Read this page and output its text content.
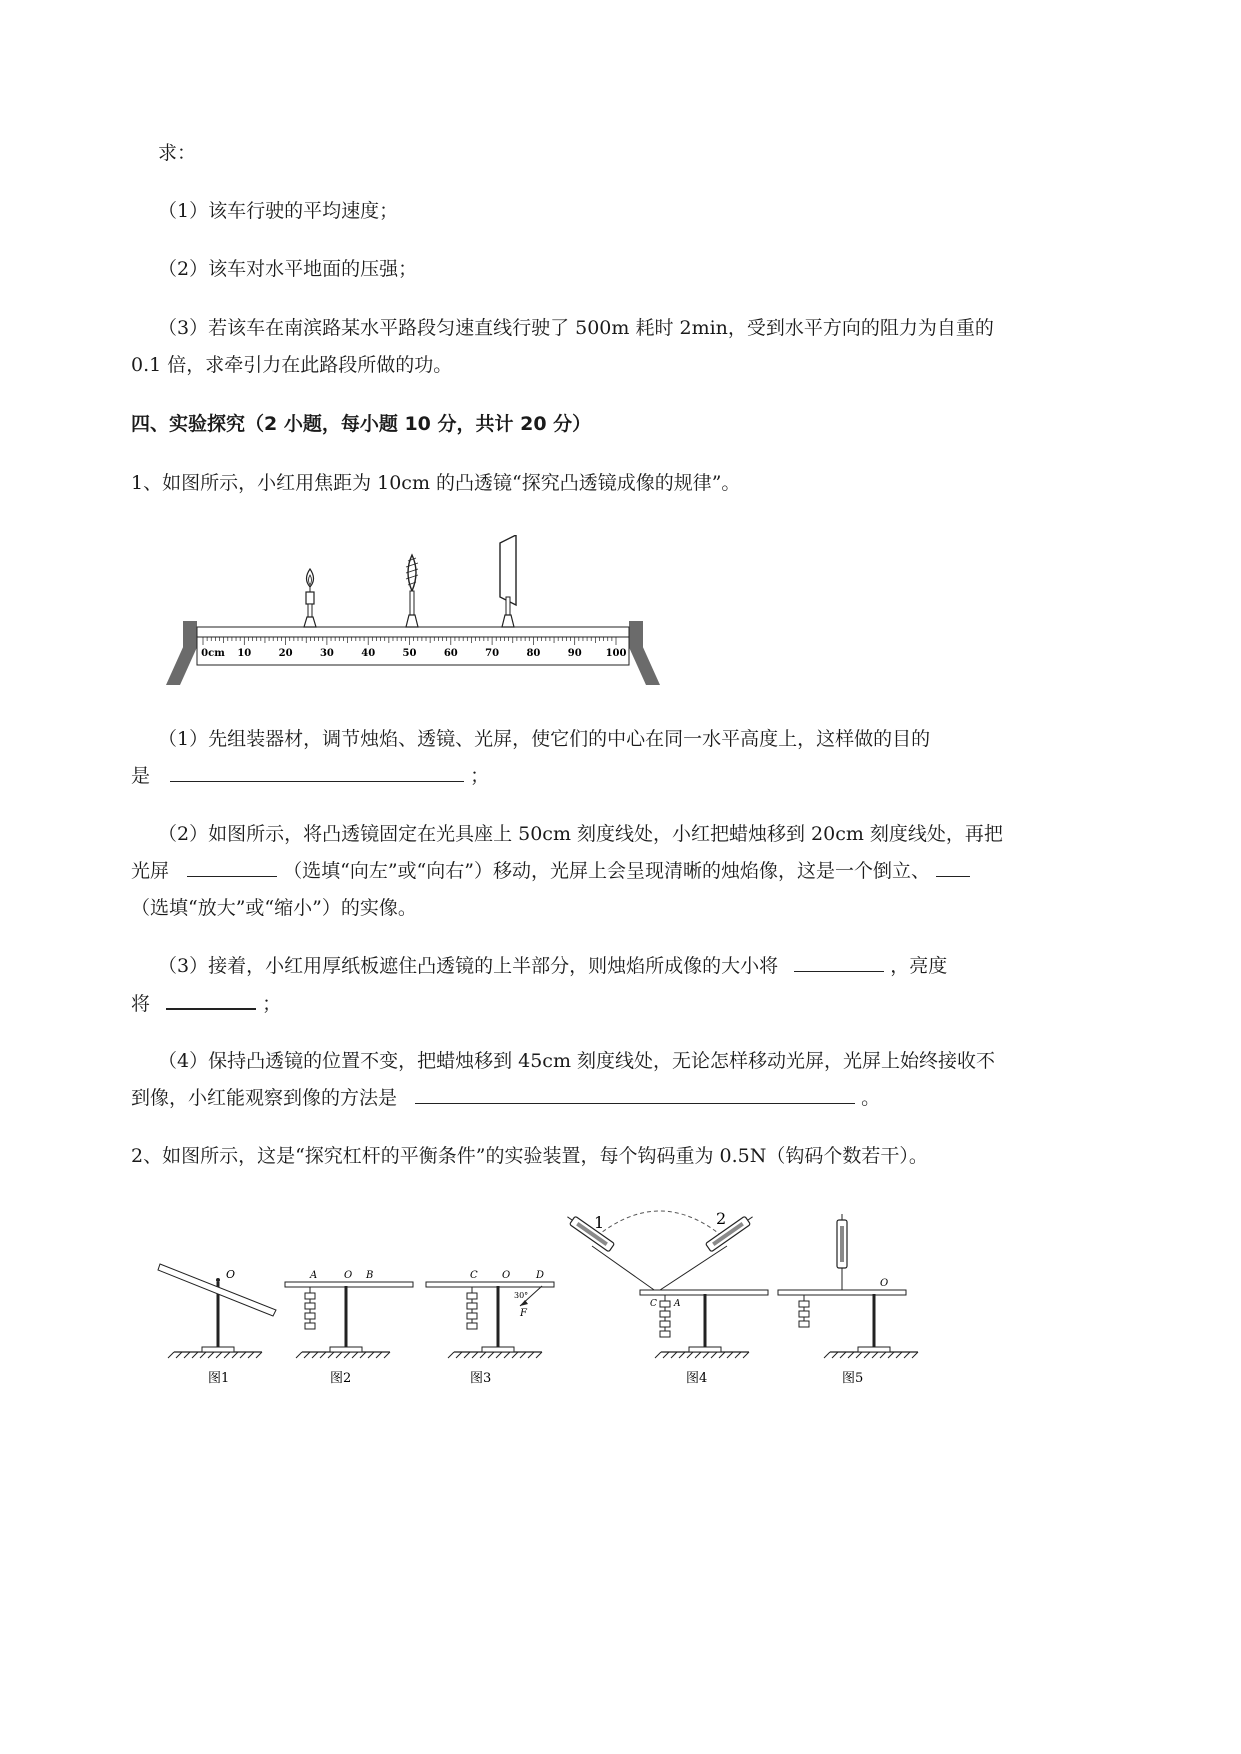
求：
（1）该车行驶的平均速度；
（2）该车对水平地面的压强；
（3）若该车在南滨路某水平路段匀速直线行驶了 500m 耗时 2min，受到水平方向的阻力为自重的
0.1 倍，求牵引力在此路段所做的功。
四、实验探究（2 小题，每小题 10 分，共计 20 分）
1、如图所示，小红用焦距为 10cm 的凸透镜“探究凸透镜成像的规律”。
0cm 10	20	30	40	50	60	70	80	90 100
（1）先组装器材，调节烛焰、透镜、光屏，使它们的中心在同一水平高度上，这样做的目的
是	；
（2）如图所示，将凸透镜固定在光具座上 50cm 刻度线处，小红把蜡烛移到 20cm 刻度线处，再把
光屏	（选填“向左”或“向右”）移动，光屏上会呈现清晰的烛焰像，这是一个倒立、
（选填“放大”或“缩小”）的实像。
（3）接着，小红用厚纸板遮住凸透镜的上半部分，则烛焰所成像的大小将	，亮度
将	；
（4）保持凸透镜的位置不变，把蜡烛移到 45cm 刻度线处，无论怎样移动光屏，光屏上始终接收不
到像，小红能观察到像的方法是	。
2、如图所示，这是“探究杠杆的平衡条件”的实验装置，每个钩码重为 0.5N（钩码个数若干）。
O
图1
A	O B
图2
C O	D
30°
F
图3
1	2
C A
图4
O
图5
